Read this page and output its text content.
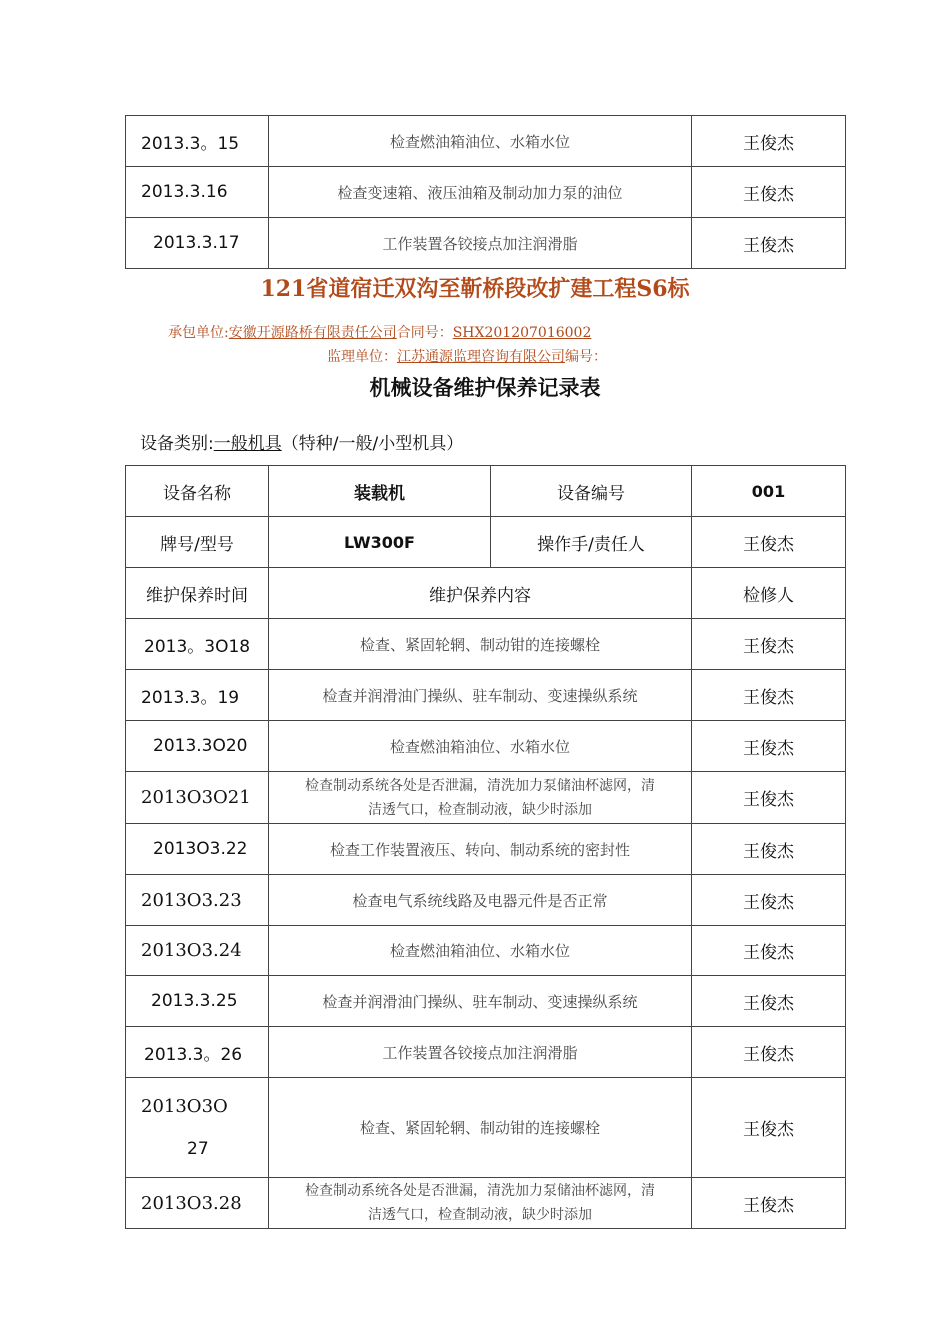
2013.3。15	检查燃油箱油位、水箱水位	王俊杰
2013.3.16	检查变速箱、液压油箱及制动加力泵的油位	王俊杰
2013.3.17	工作装置各铰接点加注润滑脂	王俊杰
121省道宿迁双沟至靳桥段改扩建工程S6标
承包单位:安徽开源路桥有限责任公司合同号：SHX201207016002
监理单位：江苏通源监理咨询有限公司编号：
机械设备维护保养记录表
设备类别:一般机具（特种/一般/小型机具）
设备名称	装载机	设备编号	001
牌号/型号	LW300F	操作手/责任人	王俊杰
维护保养时间	维护保养内容		检修人
2013。3O18	检查、紧固轮辋、制动钳的连接螺栓		王俊杰
2013.3。19	检查并润滑油门操纵、驻车制动、变速操纵系统		王俊杰
2013.3O20	检查燃油箱油位、水箱水位		王俊杰
2013O3O21	检查制动系统各处是否泄漏，清洗加力泵储油杯滤网，清
洁透气口，检查制动液，缺少时添加		王俊杰
2013O3.22	检查工作装置液压、转向、制动系统的密封性		王俊杰
2013O3.23	检查电气系统线路及电器元件是否正常		王俊杰
2013O3.24	检查燃油箱油位、水箱水位		王俊杰
2013.3.25	检查并润滑油门操纵、驻车制动、变速操纵系统		王俊杰
2013.3。26	工作装置各铰接点加注润滑脂		王俊杰

2013O3O
27	检查、紧固轮辋、制动钳的连接螺栓		王俊杰
2013O3.28	检查制动系统各处是否泄漏，清洗加力泵储油杯滤网，清
洁透气口，检查制动液，缺少时添加		王俊杰
